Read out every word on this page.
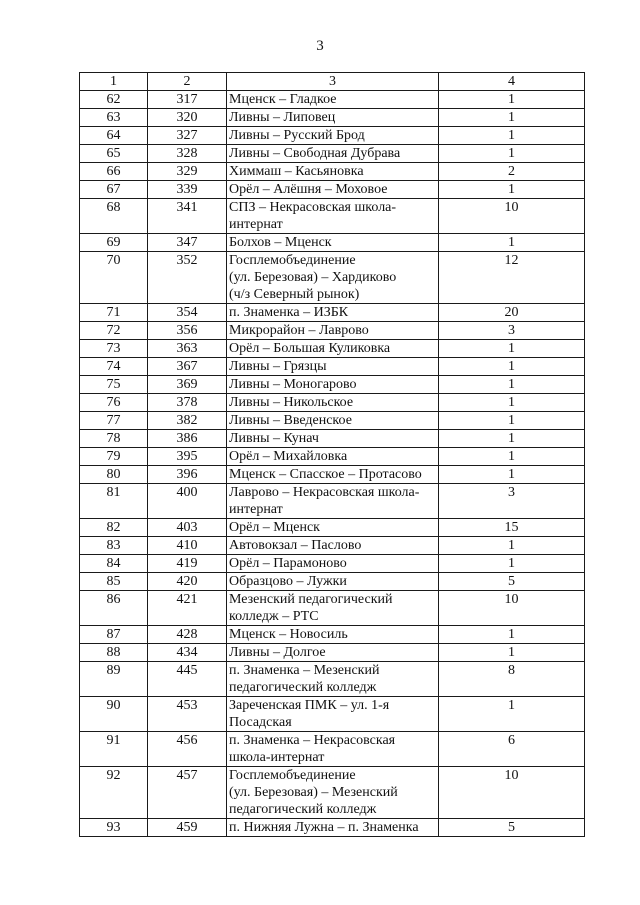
3
1	2	3	4
62	317	Мценск – Гладкое	1
63	320	Ливны – Липовец	1
64	327	Ливны – Русский Брод	1
65	328	Ливны – Свободная Дубрава	1
66	329	Химмаш – Касьяновка	2
67	339	Орёл – Алёшня – Моховое	1
68	341	СПЗ – Некрасовская школа-
интернат	10
69	347	Болхов – Мценск	1
70	352	Госплемобъединение
(ул. Березовая) – Хардиково
(ч/з Северный рынок)	12
71	354	п. Знаменка – ИЗБК	20
72	356	Микрорайон – Лаврово	3
73	363	Орёл – Большая Куликовка	1
74	367	Ливны – Грязцы	1
75	369	Ливны – Моногарово	1
76	378	Ливны – Никольское	1
77	382	Ливны – Введенское	1
78	386	Ливны – Кунач	1
79	395	Орёл – Михайловка	1
80	396	Мценск – Спасское – Протасово	1
81	400	Лаврово – Некрасовская школа-
интернат	3
82	403	Орёл – Мценск	15
83	410	Автовокзал – Паслово	1
84	419	Орёл – Парамоново	1
85	420	Образцово – Лужки	5
86	421	Мезенский педагогический
колледж – РТС	10
87	428	Мценск – Новосиль	1
88	434	Ливны – Долгое	1
89	445	п. Знаменка – Мезенский
педагогический колледж	8
90	453	Зареченская ПМК – ул. 1-я
Посадская	1
91	456	п. Знаменка – Некрасовская
школа-интернат	6
92	457	Госплемобъединение
(ул. Березовая) – Мезенский
педагогический колледж	10
93	459	п. Нижняя Лужна – п. Знаменка	5
